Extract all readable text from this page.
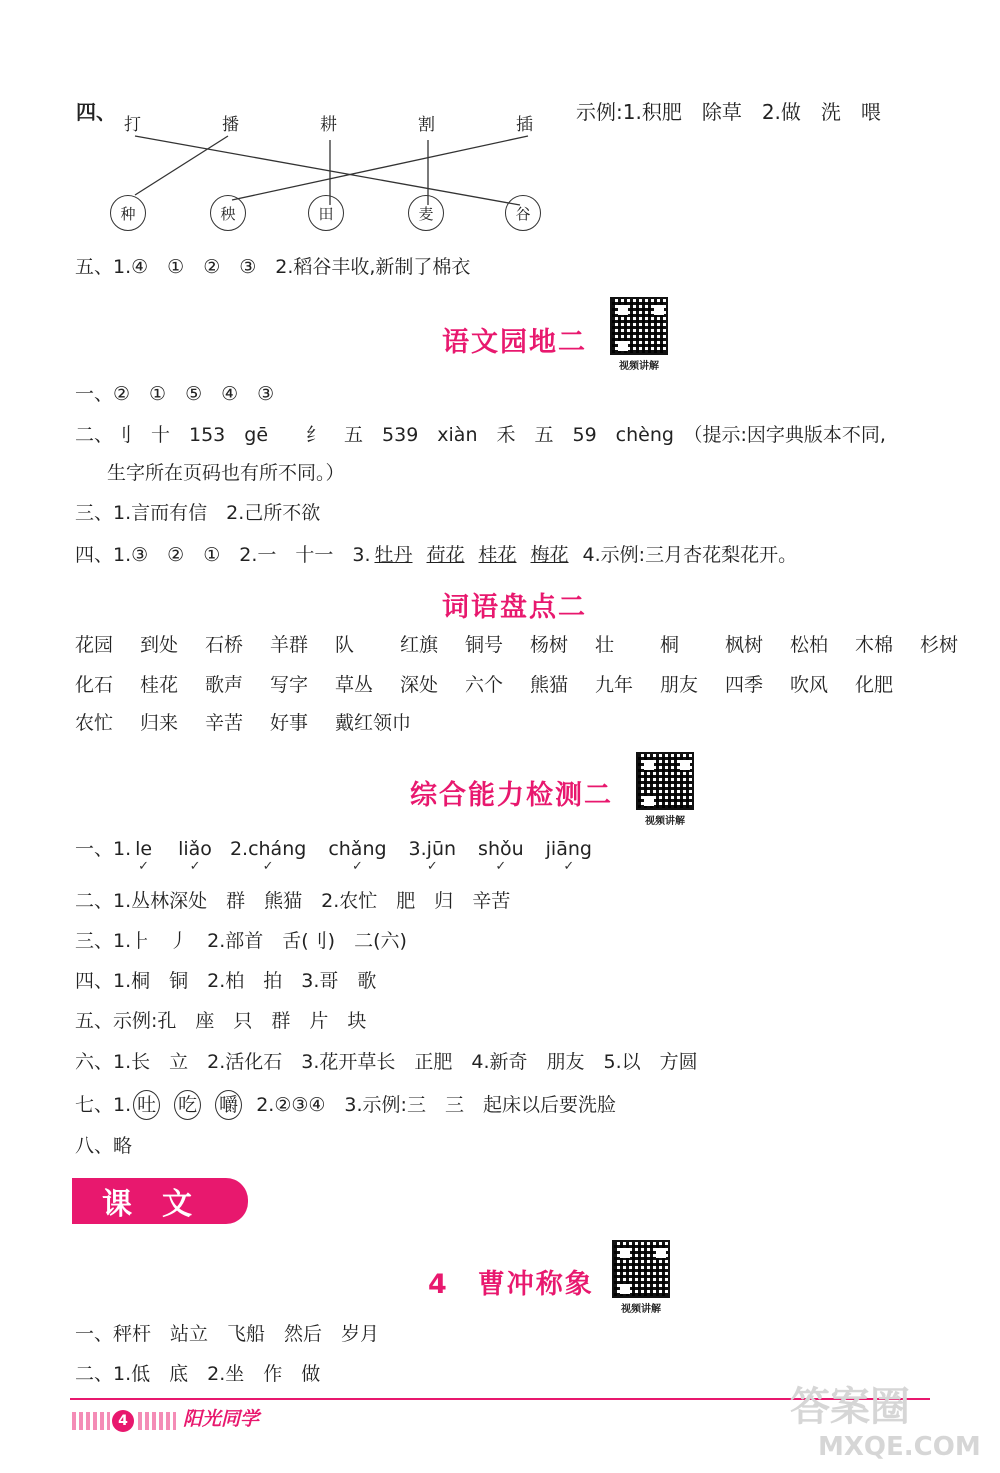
四、
打	播	耕	割	插
种	秧	田	麦	谷
示例:1.积肥　除草　2.做　洗　喂
五、1.④　①　②　③　2.稻谷丰收,新制了棉衣
语文园地二
视频讲解
一、②　①　⑤　④　③
二、刂　十　153　gē　　纟　五　539　xiàn　禾　五　59　chèng　（提示:因字典版本不同,
生字所在页码也有所不同。）
三、1.言而有信　2.己所不欲
四、1.③　②　①　2.一　十一　3. 牡丹 荷花 桂花 梅花 4.示例:三月杏花梨花开。
词语盘点二
花园 到处 石桥 羊群 队 红旗 铜号 杨树 壮 桐 枫树 松柏 木棉 杉树
化石 桂花 歌声 写字 草丛 深处 六个 熊猫 九年 朋友 四季 吹风 化肥
农忙 归来 辛苦 好事 戴红领巾
综合能力检测二
视频讲解
一、1. le ✓ liǎo ✓ 2.cháng ✓ chǎng ✓ 3.jūn ✓ shǒu ✓ jiāng ✓
二、1.丛林深处　群　熊猫　2.农忙　肥　归　辛苦
三、1.⺊　丿　2.部首　舌(刂)　二(六)
四、1.桐　铜　2.柏　拍　3.哥　歌
五、示例:孔　座　只　群　片　块
六、1.长　立　2.活化石　3.花开草长　正肥　4.新奇　朋友　5.以　方圆
七、1. 吐 吃 嚼 2.②③④　3.示例:三　三　起床以后要洗脸
八、略
课文
4　曹冲称象
视频讲解
一、秤杆　站立　飞船　然后　岁月
二、1.低　底　2.坐　作　做
4	阳光同学	答案圈
MXQE.COM
